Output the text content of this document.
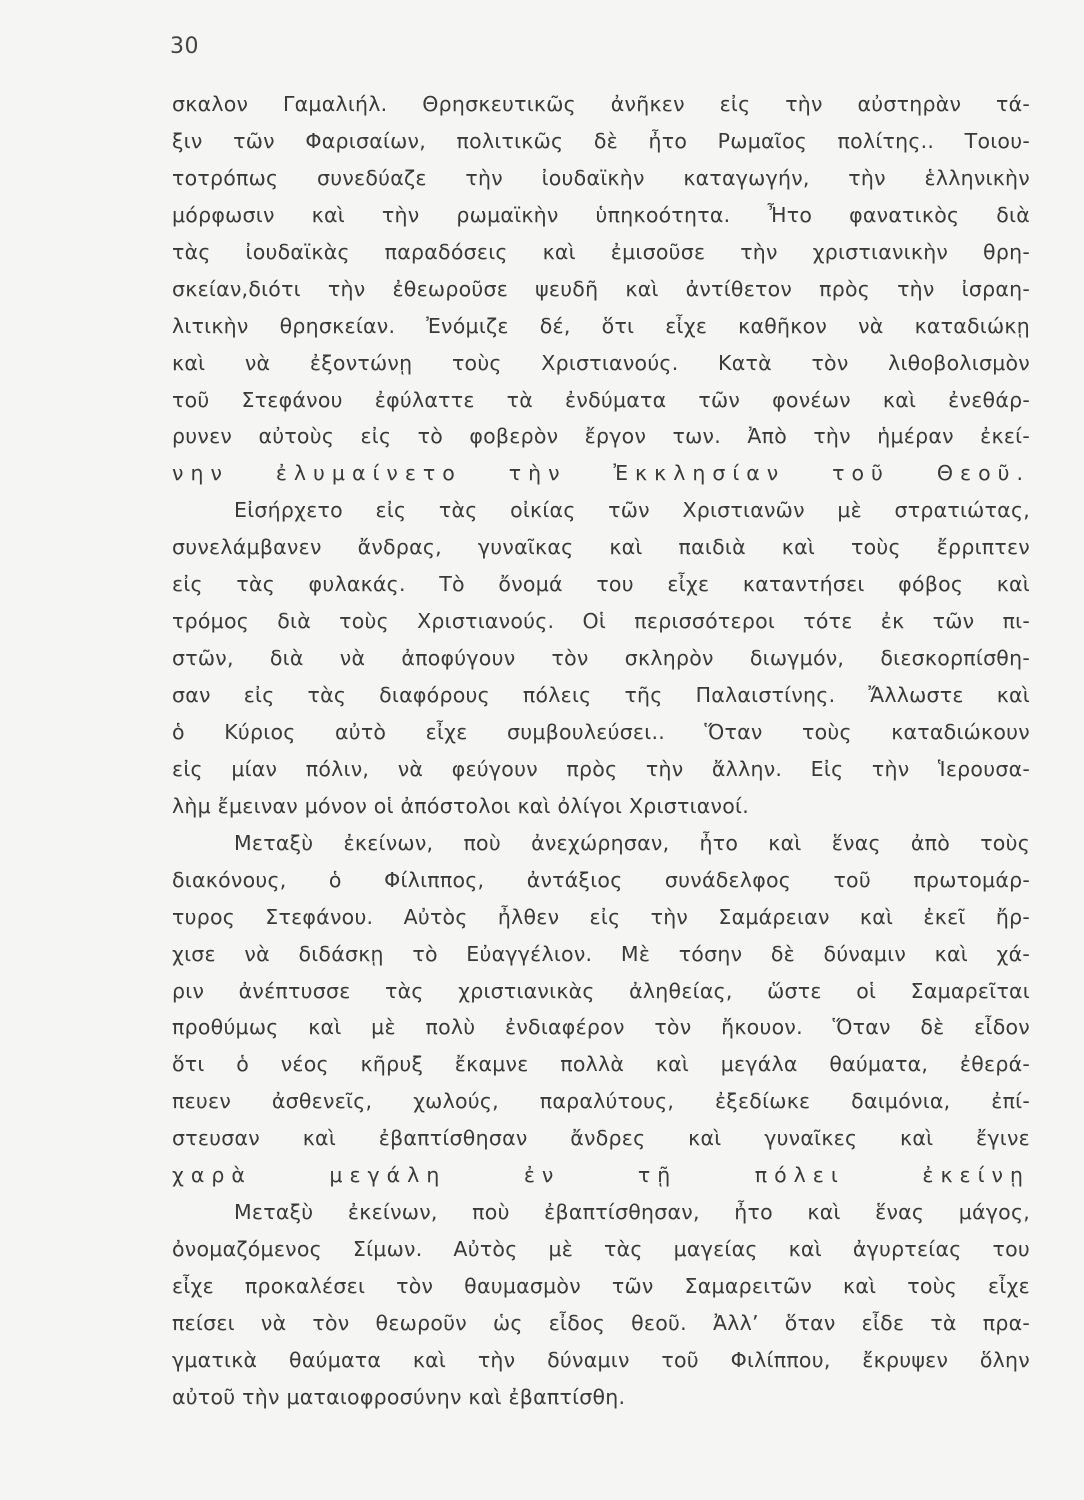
30
σκαλον Γαμαλιήλ. Θρησκευτικῶς ἀνῆκεν εἰς τὴν αὐστηρὰν τά-
ξιν τῶν Φαρισαίων, πολιτικῶς δὲ ἦτο Ρωμαῖος πολίτης.. Τοιου-
τοτρόπως συνεδύαζε τὴν ἰουδαϊκὴν καταγωγήν, τὴν ἑλληνικὴν
μόρφωσιν καὶ τὴν ρωμαϊκὴν ὑπηκοότητα. Ἦτο φανατικὸς διὰ
τὰς ἰουδαϊκὰς παραδόσεις καὶ ἐμισοῦσε τὴν χριστιανικὴν θρη-
σκείαν,διότι τὴν ἐθεωροῦσε ψευδῆ καὶ ἀντίθετον πρὸς τὴν ἰσραη-
λιτικὴν θρησκείαν. Ἐνόμιζε δέ, ὅτι εἶχε καθῆκον νὰ καταδιώκῃ
καὶ νὰ ἐξοντώνῃ τοὺς Χριστιανούς. Κατὰ τὸν λιθοβολισμὸν
τοῦ Στεφάνου ἐφύλαττε τὰ ἐνδύματα τῶν φονέων καὶ ἐνεθάρ-
ρυνεν αὐτοὺς εἰς τὸ φοβερὸν ἔργον των. Ἀπὸ τὴν ἡμέραν ἐκεί-
νην ἐλυμαίνετο τὴν Ἐκκλησίαν τοῦ Θεοῦ.
Εἰσήρχετο εἰς τὰς οἰκίας τῶν Χριστιανῶν μὲ στρατιώτας,
συνελάμβανεν ἄνδρας, γυναῖκας καὶ παιδιὰ καὶ τοὺς ἔρριπτεν
εἰς τὰς φυλακάς. Τὸ ὄνομά του εἶχε καταντήσει φόβος καὶ
τρόμος διὰ τοὺς Χριστιανούς. Οἱ περισσότεροι τότε ἐκ τῶν πι-
στῶν, διὰ νὰ ἀποφύγουν τὸν σκληρὸν διωγμόν, διεσκορπίσθη-
σαν εἰς τὰς διαφόρους πόλεις τῆς Παλαιστίνης. Ἄλλωστε καὶ
ὁ Κύριος αὐτὸ εἶχε συμβουλεύσει.. Ὅταν τοὺς καταδιώκουν
εἰς μίαν πόλιν, νὰ φεύγουν πρὸς τὴν ἄλλην. Εἰς τὴν Ἱερουσα-
λὴμ ἔμειναν μόνον οἱ ἀπόστολοι καὶ ὀλίγοι Χριστιανοί.
Μεταξὺ ἐκείνων, ποὺ ἀνεχώρησαν, ἦτο καὶ ἕνας ἀπὸ τοὺς
διακόνους, ὁ Φίλιππος, ἀντάξιος συνάδελφος τοῦ πρωτομάρ-
τυρος Στεφάνου. Αὐτὸς ἦλθεν εἰς τὴν Σαμάρειαν καὶ ἐκεῖ ἤρ-
χισε νὰ διδάσκῃ τὸ Εὐαγγέλιον. Μὲ τόσην δὲ δύναμιν καὶ χά-
ριν ἀνέπτυσσε τὰς χριστιανικὰς ἀληθείας, ὥστε οἱ Σαμαρεῖται
προθύμως καὶ μὲ πολὺ ἐνδιαφέρον τὸν ἤκουον. Ὅταν δὲ εἶδον
ὅτι ὁ νέος κῆρυξ ἔκαμνε πολλὰ καὶ μεγάλα θαύματα, ἐθερά-
πευεν ἀσθενεῖς, χωλούς, παραλύτους, ἐξεδίωκε δαιμόνια, ἐπί-
στευσαν καὶ ἐβαπτίσθησαν ἄνδρες καὶ γυναῖκες καὶ ἔγινε
χαρὰ μεγάλη ἐν τῇ πόλει ἐκείνῃ
Μεταξὺ ἐκείνων, ποὺ ἐβαπτίσθησαν, ἦτο καὶ ἕνας μάγος,
ὀνομαζόμενος Σίμων. Αὐτὸς μὲ τὰς μαγείας καὶ ἀγυρτείας του
εἶχε προκαλέσει τὸν θαυμασμὸν τῶν Σαμαρειτῶν καὶ τοὺς εἶχε
πείσει νὰ τὸν θεωροῦν ὡς εἶδος θεοῦ. Ἀλλ’ ὅταν εἶδε τὰ πρα-
γματικὰ θαύματα καὶ τὴν δύναμιν τοῦ Φιλίππου, ἔκρυψεν ὅλην
αὐτοῦ τὴν ματαιοφροσύνην καὶ ἐβαπτίσθη.
